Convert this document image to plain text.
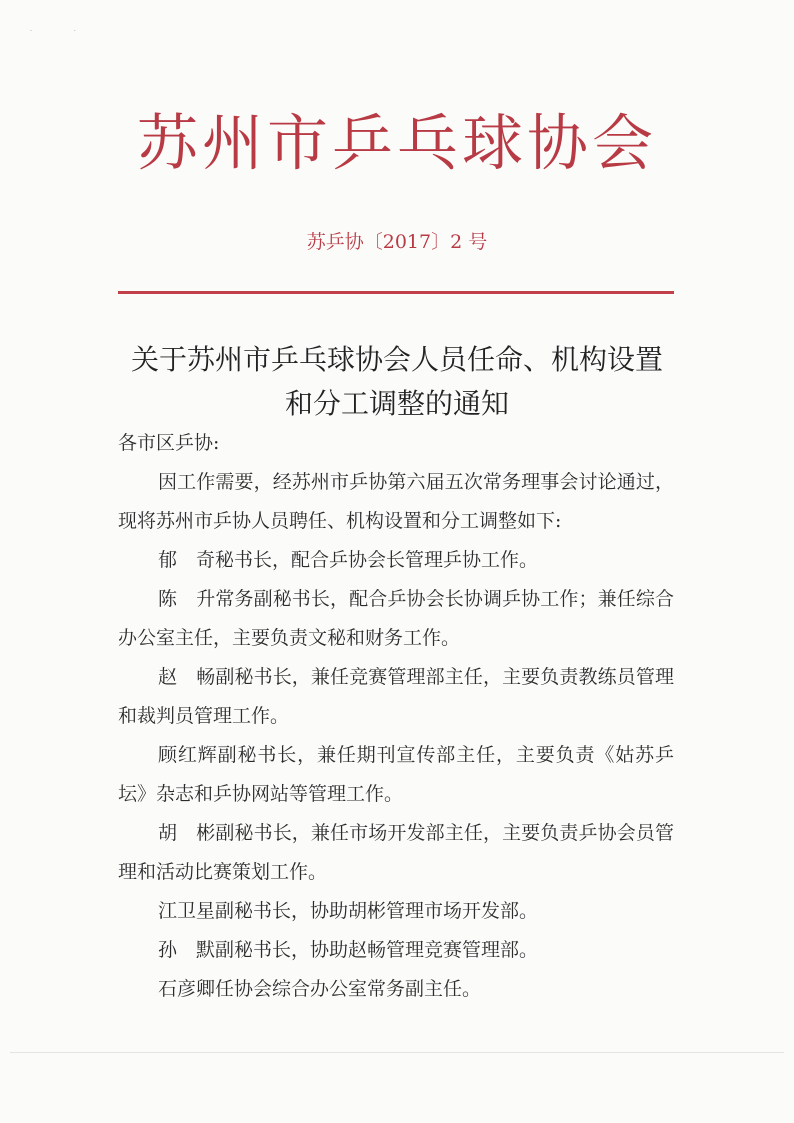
· ·
苏州市乒乓球协会
苏乒协〔2017〕2 号
关于苏州市乒乓球协会人员任命、机构设置
和分工调整的通知

各市区乒协:

因工作需要，经苏州市乒协第六届五次常务理事会讨论通过，现将苏州市乒协人员聘任、机构设置和分工调整如下:

郁　奇秘书长，配合乒协会长管理乒协工作。

陈　升常务副秘书长，配合乒协会长协调乒协工作；兼任综合办公室主任，主要负责文秘和财务工作。

赵　畅副秘书长，兼任竞赛管理部主任，主要负责教练员管理和裁判员管理工作。

顾红辉副秘书长，兼任期刊宣传部主任，主要负责《姑苏乒坛》杂志和乒协网站等管理工作。

胡　彬副秘书长，兼任市场开发部主任，主要负责乒协会员管理和活动比赛策划工作。

江卫星副秘书长，协助胡彬管理市场开发部。

孙　默副秘书长，协助赵畅管理竞赛管理部。

石彦卿任协会综合办公室常务副主任。
